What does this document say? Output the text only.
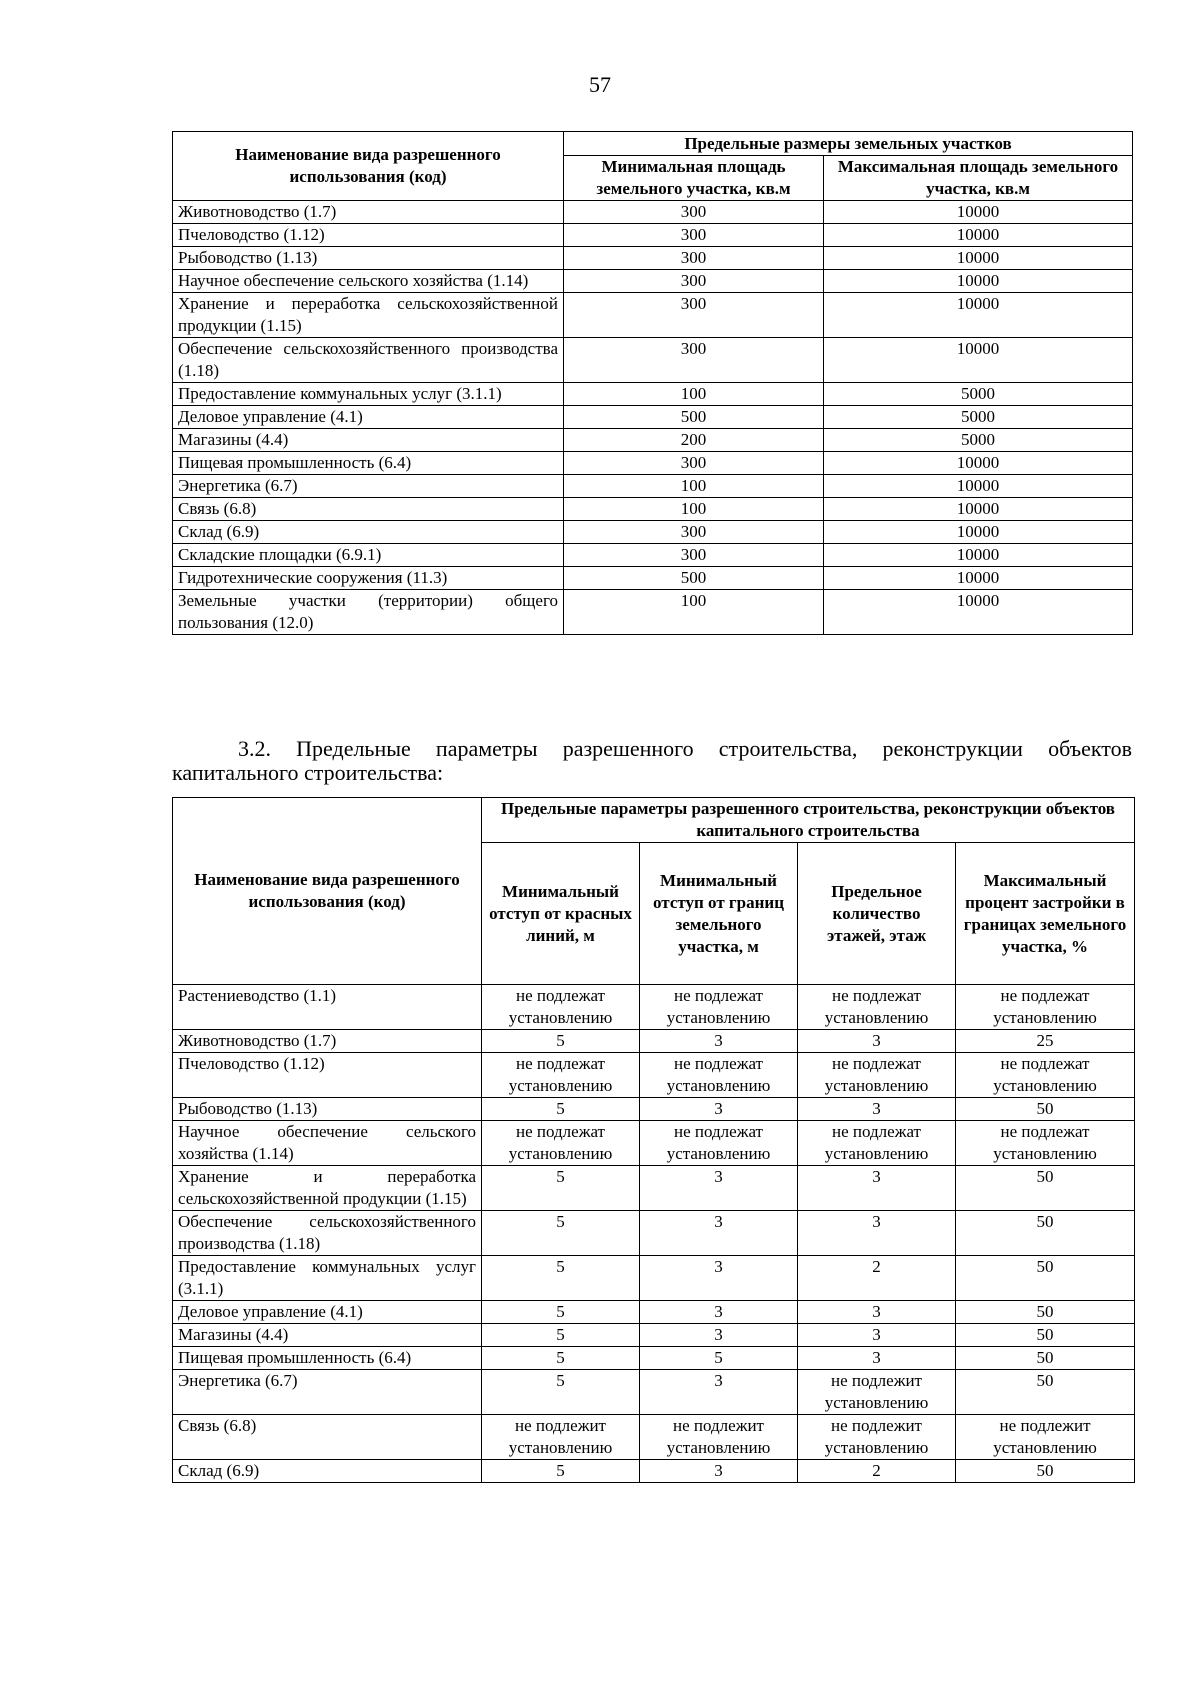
57
Наименование вида разрешенного использования (код)	Предельные размеры земельных участков	
	Минимальная площадь земельного участка, кв.м	Максимальная площадь земельного участка, кв.м
Животноводство (1.7)	300	10000
Пчеловодство (1.12)	300	10000
Рыбоводство (1.13)	300	10000
Научное обеспечение сельского хозяйства (1.14)	300	10000
Хранение и переработка сельскохозяйственной продукции (1.15)	300	10000
Обеспечение сельскохозяйственного производства (1.18)	300	10000
Предоставление коммунальных услуг (3.1.1)	100	5000
Деловое управление (4.1)	500	5000
Магазины (4.4)	200	5000
Пищевая промышленность (6.4)	300	10000
Энергетика (6.7)	100	10000
Связь (6.8)	100	10000
Склад (6.9)	300	10000
Складские площадки (6.9.1)	300	10000
Гидротехнические сооружения (11.3)	500	10000
Земельные участки (территории) общего пользования (12.0)	100	10000
3.2. Предельные параметры разрешенного строительства, реконструкции объектов капитального строительства:
Наименование вида разрешенного использования (код)	Предельные параметры разрешенного строительства, реконструкции объектов капитального строительства			
	Минимальный отступ от красных линий, м	Минимальный отступ от границ земельного участка, м	Предельное количество этажей, этаж	Максимальный процент застройки в границах земельного участка, %
Растениеводство (1.1)	не подлежат установлению	не подлежат установлению	не подлежат установлению	не подлежат установлению
Животноводство (1.7)	5	3	3	25
Пчеловодство (1.12)	не подлежат установлению	не подлежат установлению	не подлежат установлению	не подлежат установлению
Рыбоводство (1.13)	5	3	3	50
Научное обеспечение сельского хозяйства (1.14)	не подлежат установлению	не подлежат установлению	не подлежат установлению	не подлежат установлению
Хранение и переработка сельскохозяйственной продукции (1.15)	5	3	3	50
Обеспечение сельскохозяйственного производства (1.18)	5	3	3	50
Предоставление коммунальных услуг (3.1.1)	5	3	2	50
Деловое управление (4.1)	5	3	3	50
Магазины (4.4)	5	3	3	50
Пищевая промышленность (6.4)	5	5	3	50
Энергетика (6.7)	5	3	не подлежит установлению	50
Связь (6.8)	не подлежит установлению	не подлежит установлению	не подлежит установлению	не подлежит установлению
Склад (6.9)	5	3	2	50
